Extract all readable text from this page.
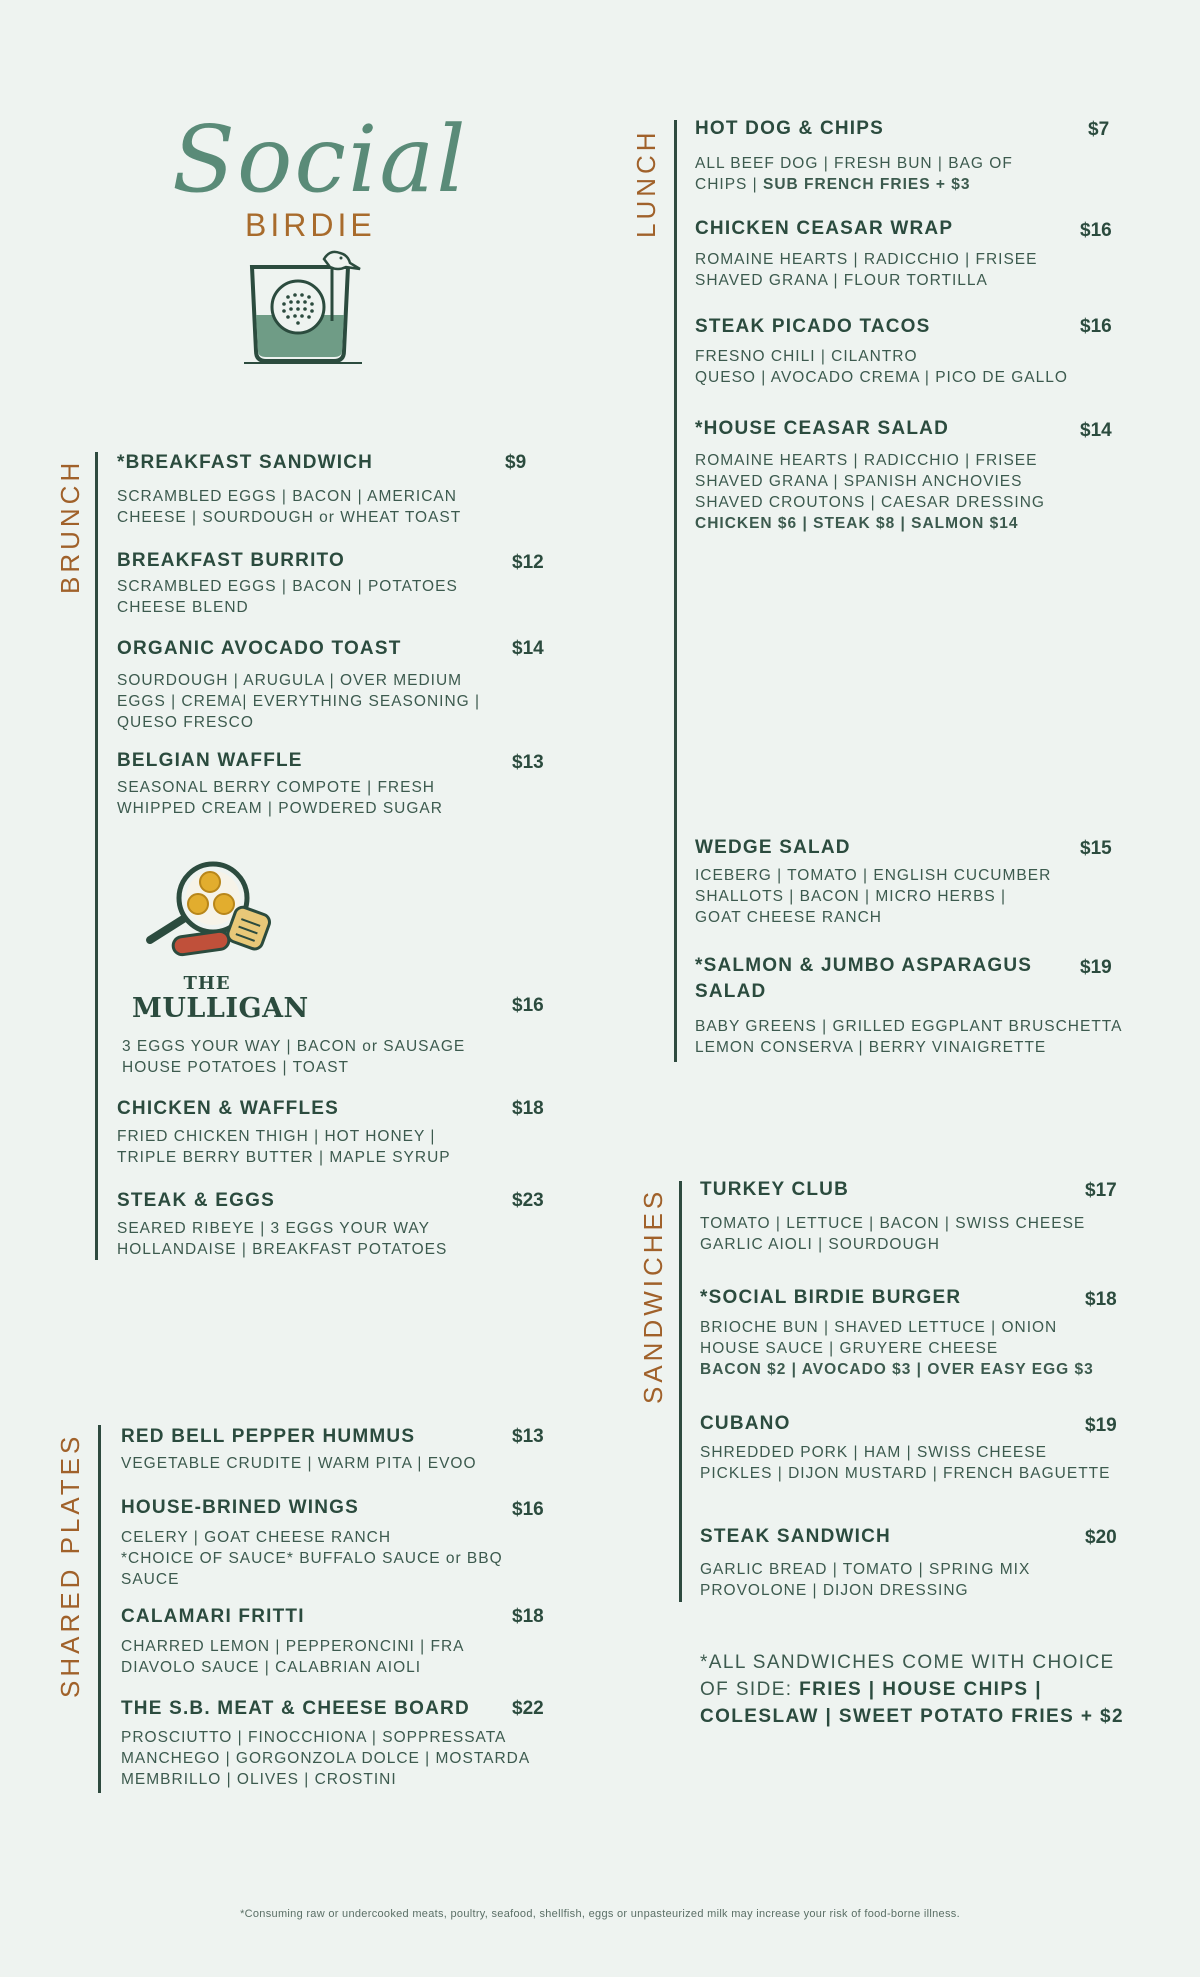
Social
BIRDIE
BRUNCH *BREAKFAST SANDWICH	$9
SCRAMBLED EGGS | BACON | AMERICAN
CHEESE | SOURDOUGH or WHEAT TOAST
BREAKFAST BURRITO	$12
SCRAMBLED EGGS | BACON | POTATOES
CHEESE BLEND
ORGANIC AVOCADO TOAST	$14
SOURDOUGH | ARUGULA | OVER MEDIUM
EGGS | CREMA| EVERYTHING SEASONING |
QUESO FRESCO
BELGIAN WAFFLE	$13
SEASONAL BERRY COMPOTE | FRESH
WHIPPED CREAM | POWDERED SUGAR
THE
MULLIGAN	$16
3 EGGS YOUR WAY | BACON or SAUSAGE
HOUSE POTATOES | TOAST
CHICKEN & WAFFLES	$18
FRIED CHICKEN THIGH | HOT HONEY |
TRIPLE BERRY BUTTER | MAPLE SYRUP
STEAK & EGGS	$23
SEARED RIBEYE | 3 EGGS YOUR WAY
HOLLANDAISE | BREAKFAST POTATOES
SHARED PLATES RED BELL PEPPER HUMMUS	$13
VEGETABLE CRUDITE | WARM PITA | EVOO
HOUSE-BRINED WINGS	$16
CELERY | GOAT CHEESE RANCH
*CHOICE OF SAUCE* BUFFALO SAUCE or BBQ
SAUCE
CALAMARI FRITTI	$18
CHARRED LEMON | PEPPERONCINI | FRA
DIAVOLO SAUCE | CALABRIAN AIOLI
THE S.B. MEAT & CHEESE BOARD $22
PROSCIUTTO | FINOCCHIONA | SOPPRESSATA
MANCHEGO | GORGONZOLA DOLCE | MOSTARDA
MEMBRILLO | OLIVES | CROSTINI
LUNCH HOT DOG & CHIPS	$7
ALL BEEF DOG | FRESH BUN | BAG OF
CHIPS | SUB FRENCH FRIES + $3
CHICKEN CEASAR WRAP	$16
ROMAINE HEARTS | RADICCHIO | FRISEE
SHAVED GRANA | FLOUR TORTILLA
STEAK PICADO TACOS	$16
FRESNO CHILI | CILANTRO
QUESO | AVOCADO CREMA | PICO DE GALLO
*HOUSE CEASAR SALAD	$14
ROMAINE HEARTS | RADICCHIO | FRISEE
SHAVED GRANA | SPANISH ANCHOVIES
SHAVED CROUTONS | CAESAR DRESSING
CHICKEN $6 | STEAK $8 | SALMON $14
WEDGE SALAD	$15
ICEBERG | TOMATO | ENGLISH CUCUMBER
SHALLOTS | BACON | MICRO HERBS |
GOAT CHEESE RANCH
*SALMON & JUMBO ASPARAGUS
SALAD
$19
BABY GREENS | GRILLED EGGPLANT BRUSCHETTA
LEMON CONSERVA | BERRY VINAIGRETTE
SANDWICHES TURKEY CLUB	$17
TOMATO | LETTUCE | BACON | SWISS CHEESE
GARLIC AIOLI | SOURDOUGH
*SOCIAL BIRDIE BURGER	$18
BRIOCHE BUN | SHAVED LETTUCE | ONION
HOUSE SAUCE | GRUYERE CHEESE
BACON $2 | AVOCADO $3 | OVER EASY EGG $3
CUBANO	$19
SHREDDED PORK | HAM | SWISS CHEESE
PICKLES | DIJON MUSTARD | FRENCH BAGUETTE
STEAK SANDWICH	$20
GARLIC BREAD | TOMATO | SPRING MIX
PROVOLONE | DIJON DRESSING
*ALL SANDWICHES COME WITH CHOICE
OF SIDE: FRIES | HOUSE CHIPS |
COLESLAW | SWEET POTATO FRIES + $2
*Consuming raw or undercooked meats, poultry, seafood, shellfish, eggs or unpasteurized milk may increase your risk of food-borne illness.
